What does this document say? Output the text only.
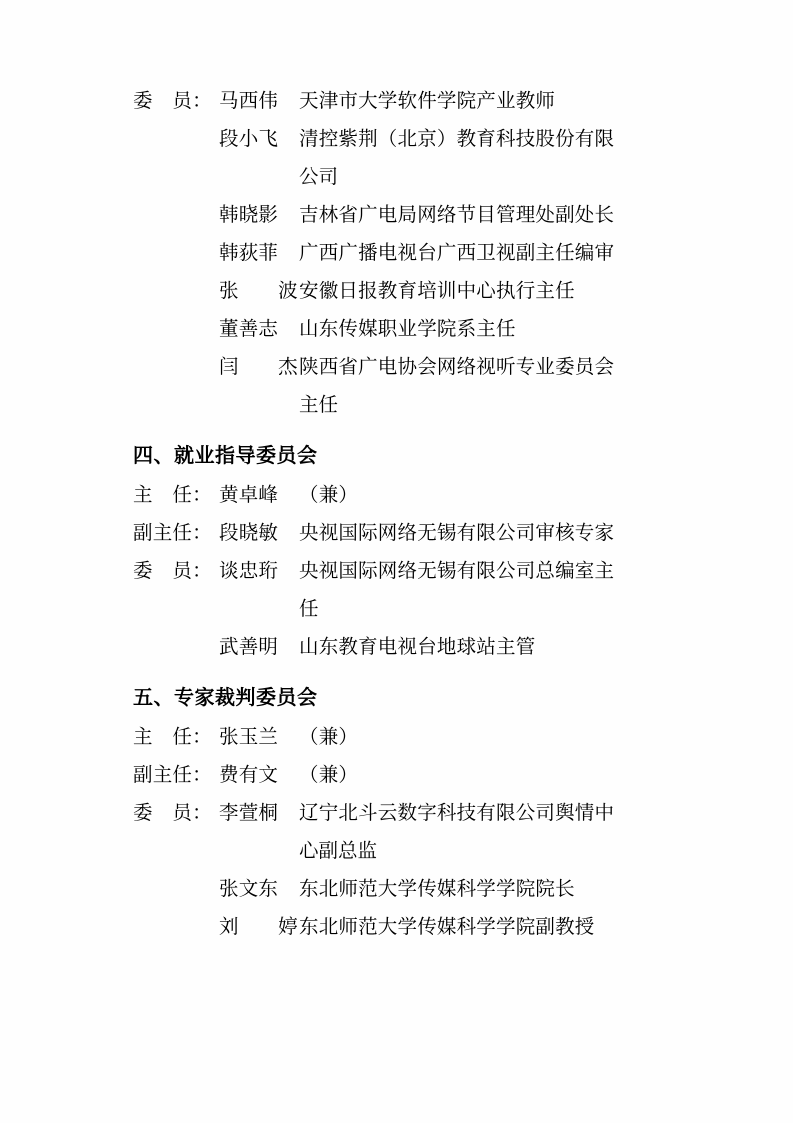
委　员： 马西伟	天津市大学软件学院产业教师
段小飞	清控紫荆（北京）教育科技股份有限
公司
韩晓影	吉林省广电局网络节目管理处副处长
韩荻菲	广西广播电视台广西卫视副主任编审
张　　波 安徽日报教育培训中心执行主任
董善志	山东传媒职业学院系主任
闫　　杰 陕西省广电协会网络视听专业委员会
主任
四、就业指导委员会
主　任： 黄卓峰	（兼）
副主任： 段晓敏	央视国际网络无锡有限公司审核专家
委　员： 谈忠珩	央视国际网络无锡有限公司总编室主
任
武善明	山东教育电视台地球站主管
五、专家裁判委员会
主　任： 张玉兰	（兼）
副主任： 费有文	（兼）
委　员： 李萱桐	辽宁北斗云数字科技有限公司舆情中
心副总监
张文东	东北师范大学传媒科学学院院长
刘　　婷 东北师范大学传媒科学学院副教授
